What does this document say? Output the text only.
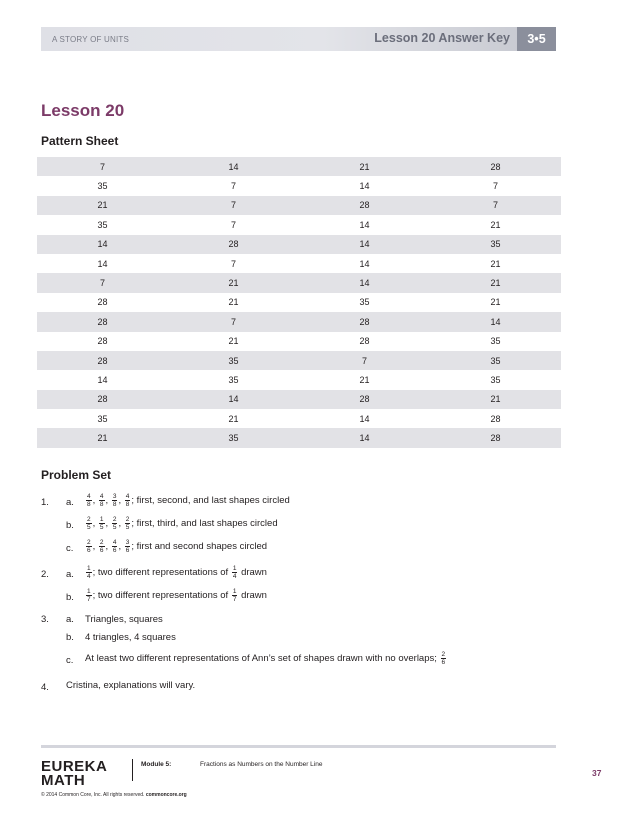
A STORY OF UNITS	Lesson 20 Answer Key	3•5
Lesson 20
Pattern Sheet
7	14	21	28
35	7	14	7
21	7	28	7
35	7	14	21
14	28	14	35
14	7	14	21
7	21	14	21
28	21	35	21
28	7	28	14
28	21	28	35
28	35	7	35
14	35	21	35
28	14	28	21
35	21	14	28
21	35	14	28
Problem Set
1. a. $\frac{4}{8}$ , $\frac{4}{8}$ , $\frac{3}{8}$ , $\frac{4}{8}$ ; first, second, and last shapes circled
b. $\frac{2}{5}$ , $\frac{1}{5}$ , $\frac{2}{5}$ , $\frac{2}{5}$ ; first, third, and last shapes circled
c. $\frac{2}{6}$ , $\frac{2}{6}$ , $\frac{4}{6}$ , $\frac{3}{6}$ ; first and second shapes circled
2. a. $\frac{1}{4}$ ; two different representations of $\frac{1}{4}$ drawn
b. $\frac{1}{7}$ ; two different representations of $\frac{1}{7}$ drawn
3. a. Triangles, squares
b. 4 triangles, 4 squares
c. At least two different representations of Ann’s set of shapes drawn with no overlaps; $\frac{2}{6}$
4. Cristina, explanations will vary.
EUREKA
MATH
Module 5:	Fractions as Numbers on the Number Line
37
© 2014 Common Core, Inc. All rights reserved. commoncore.org
